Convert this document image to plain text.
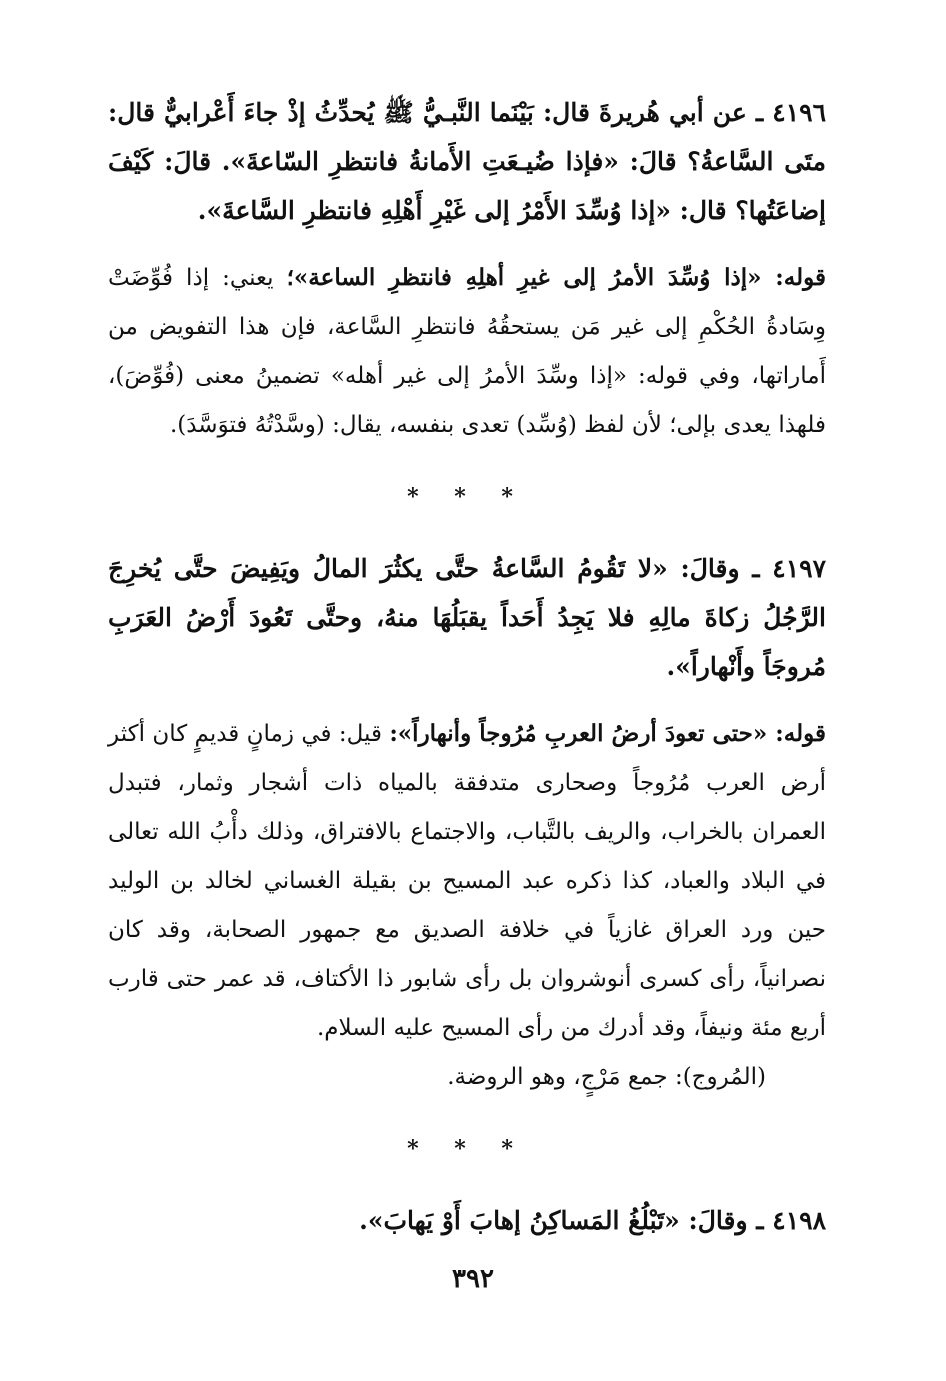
٤١٩٦ ـ عن أبي هُريرةَ قال: بَيْنَما النَّبـيُّ ﷺ يُحدِّثُ إذْ جاءَ أَعْرابيٌّ قال: متَى السَّاعةُ؟ قالَ: «فإذا ضُيـعَتِ الأَمانةُ فانتظرِ السّاعةَ». قالَ: كَيْفَ إضاعَتُها؟ قال: «إذا وُسِّدَ الأَمْرُ إلى غَيْرِ أَهْلِهِ فانتظرِ السَّاعةَ».

قوله: «إذا وُسِّدَ الأمرُ إلى غيرِ أهلِهِ فانتظرِ الساعة»؛ يعني: إذا فُوِّضَتْ وِسَادةُ الحُكْمِ إلى غير مَن يستحقُهُ فانتظرِ السَّاعة، فإن هذا التفويض من أَماراتها، وفي قوله: «إذا وسِّدَ الأمرُ إلى غير أهله» تضمينُ معنى (فُوِّضَ)، فلهذا يعدى بإلى؛ لأن لفظ (وُسِّد) تعدى بنفسه، يقال: (وسَّدْتُهُ فتوَسَّدَ).

* * *

٤١٩٧ ـ وقالَ: «لا تَقُومُ السَّاعةُ حتَّى يكثُرَ المالُ ويَفِيضَ حتَّى يُخرِجَ الرَّجُلُ زكاةَ مالِهِ فلا يَجِدُ أَحَداً يقبَلُهَا منهُ، وحتَّى تَعُودَ أَرْضُ العَرَبِ مُروجَاً وأَنْهاراً».

قوله: «حتى تعودَ أرضُ العربِ مُرُوجاً وأنهاراً»: قيل: في زمانٍ قديمٍ كان أكثر أرض العرب مُرُوجاً وصحارى متدفقة بالمياه ذات أشجار وثمار، فتبدل العمران بالخراب، والريف بالتَّباب، والاجتماع بالافتراق، وذلك دأْبُ الله تعالى في البلاد والعباد، كذا ذكره عبد المسيح بن بقيلة الغساني لخالد بن الوليد حين ورد العراق غازياً في خلافة الصديق مع جمهور الصحابة، وقد كان نصرانياً، رأى كسرى أنوشروان بل رأى شابور ذا الأكتاف، قد عمر حتى قارب أربع مئة ونيفاً، وقد أدرك من رأى المسيح عليه السلام.

(المُروج): جمع مَرْجٍ، وهو الروضة.

* * *

٤١٩٨ ـ وقالَ: «تَبْلُغُ المَساكِنُ إهابَ أَوْ يَهابَ».

٣٩٢
